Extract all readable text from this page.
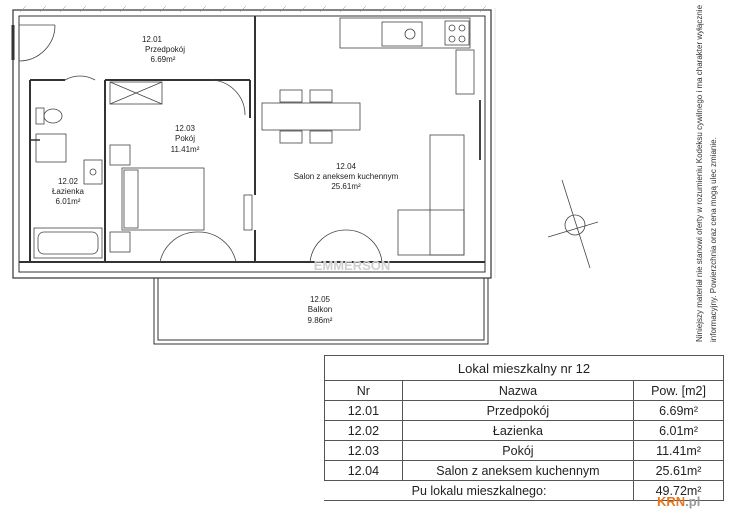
EMMERSON
12.01
Przedpokój
6.69m²
12.02
Łazienka
6.01m²
12.03
Pokój
11.41m²
12.04
Salon z aneksem kuchennym
25.61m²
12.05
Balkon
9.86m²	Niniejszy materiał nie stanowi oferty w rozumieniu Kodeksu cywilnego i ma charakter wyłącznie informacyjny. Powierzchnia oraz cena mogą ulec zmianie.
Lokal mieszkalny nr 12		
Nr	Nazwa	Pow. [m2]
12.01	Przedpokój	6.69m²
12.02	Łazienka	6.01m²
12.03	Pokój	11.41m²
12.04	Salon z aneksem kuchennym	25.61m²
Pu lokalu mieszkalnego:		49.72m²
KRN.pl
